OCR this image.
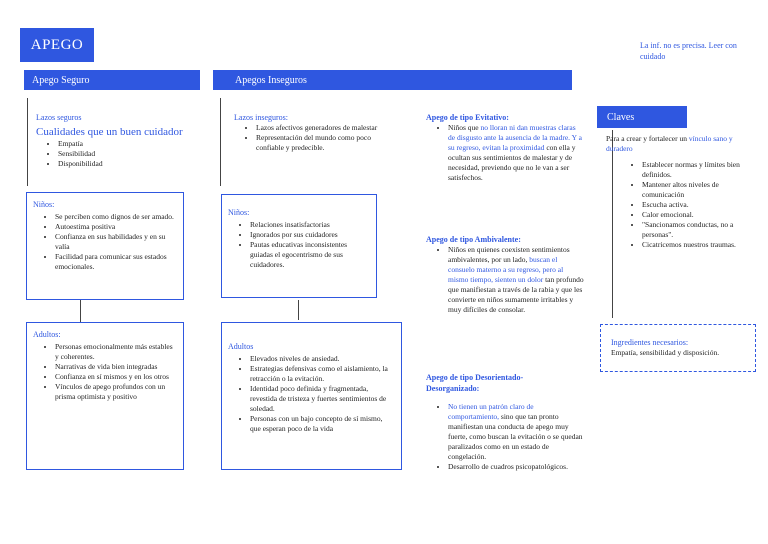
APEGO	La inf. no es precisa. Leer con cuidado
Apego Seguro	Apegos Inseguros
Claves
Lazos seguros
Cualidades que un buen cuidador
• Empatía
• Sensibilidad
• Disponibilidad
Niños:
• Se perciben como dignos de ser amado.
• Autoestima positiva
• Confianza en sus habilidades y en su valía
• Facilidad para comunicar sus estados emocionales.
Adultos:
• Personas emocionalmente más estables y coherentes.
• Narrativas de vida bien integradas
• Confianza en sí mismos y en los otros
• Vínculos de apego profundos con un prisma optimista y positivo
Lazos inseguros:
• Lazos afectivos generadores de malestar
• Representación del mundo como poco confiable y predecible.
Niños:
• Relaciones insatisfactorias
• Ignorados por sus cuidadores
• Pautas educativas inconsistentes guiadas el egocentrismo de sus cuidadores.
Adultos
• Elevados niveles de ansiedad.
• Estrategias defensivas como el aislamiento, la retracción o la evitación.
• Identidad poco definida y fragmentada, revestida de tristeza y fuertes sentimientos de soledad.
• Personas con un bajo concepto de sí mismo, que esperan poco de la vida
Apego de tipo Evitativo:
• Niños que no lloran ni dan muestras claras de disgusto ante la ausencia de la madre. Y a su regreso, evitan la proximidad con ella y ocultan sus sentimientos de malestar y de necesidad, previendo que no le van a ser satisfechos.
Apego de tipo Ambivalente:
• Niños en quienes coexisten sentimientos ambivalentes, por un lado, buscan el consuelo materno a su regreso, pero al mismo tiempo, sienten un dolor tan profundo que manifiestan a través de la rabia y que les convierte en niños sumamente irritables y muy difíciles de consolar.
Apego de tipo Desorientado-Desorganizado:
• No tienen un patrón claro de comportamiento, sino que tan pronto manifiestan una conducta de apego muy fuerte, como buscan la evitación o se quedan paralizados como en un estado de congelación.
• Desarrollo de cuadros psicopatológicos.
Para a crear y fortalecer un vínculo sano y duradero
• Establecer normas y límites bien definidos.
• Mantener altos niveles de comunicación
• Escucha activa.
• Calor emocional.
• "Sancionamos conductas, no a personas".
• Cicatricemos nuestros traumas.
Ingredientes necesarios:
Empatía, sensibilidad y disposición.
